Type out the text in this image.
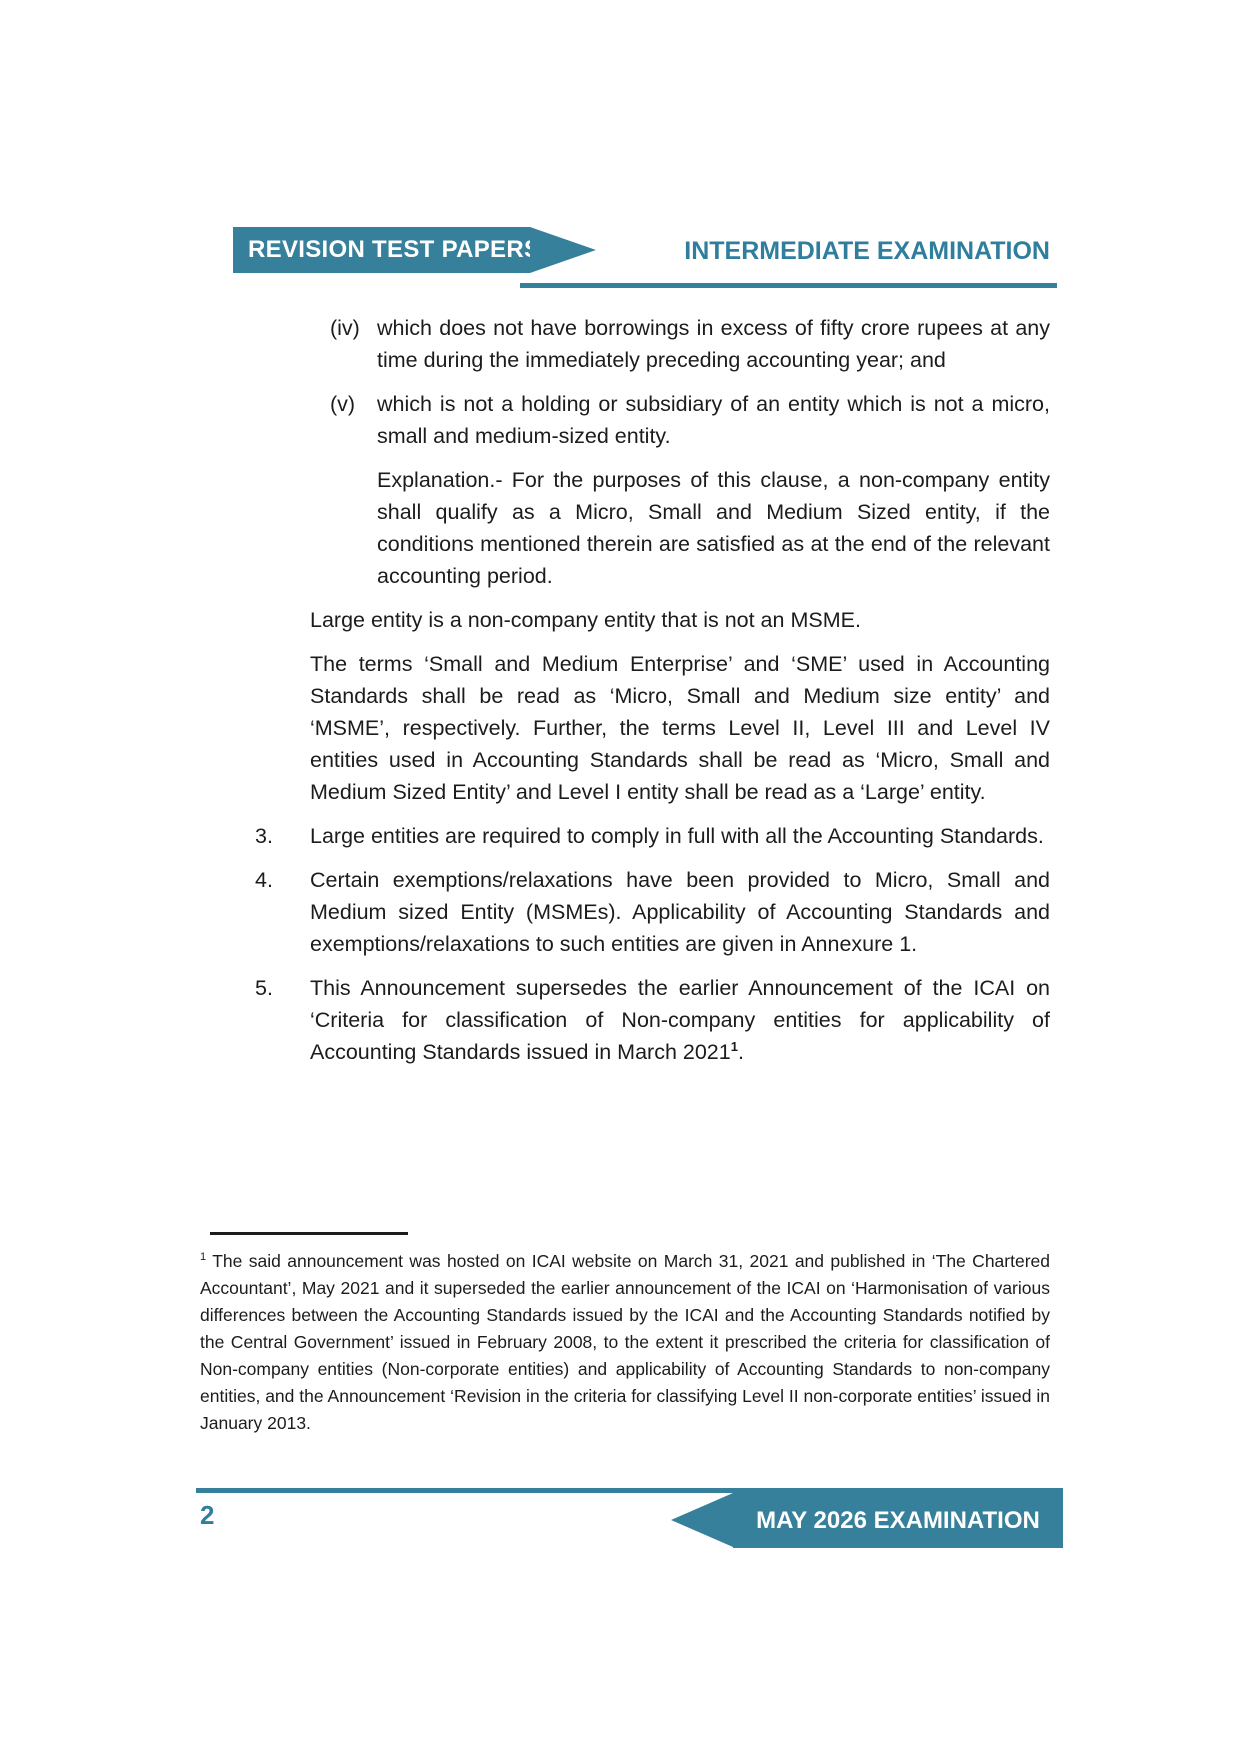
REVISION TEST PAPERS	INTERMEDIATE EXAMINATION
(iv) which does not have borrowings in excess of fifty crore rupees at any time during the immediately preceding accounting year; and
(v) which is not a holding or subsidiary of an entity which is not a micro, small and medium-sized entity.
Explanation.- For the purposes of this clause, a non-company entity shall qualify as a Micro, Small and Medium Sized entity, if the conditions mentioned therein are satisfied as at the end of the relevant accounting period.
Large entity is a non-company entity that is not an MSME.
The terms ‘Small and Medium Enterprise’ and ‘SME’ used in Accounting Standards shall be read as ‘Micro, Small and Medium size entity’ and ‘MSME’, respectively. Further, the terms Level II, Level III and Level IV entities used in Accounting Standards shall be read as ‘Micro, Small and Medium Sized Entity’ and Level I entity shall be read as a ‘Large’ entity.
3. Large entities are required to comply in full with all the Accounting Standards.
4. Certain exemptions/relaxations have been provided to Micro, Small and Medium sized Entity (MSMEs). Applicability of Accounting Standards and exemptions/relaxations to such entities are given in Annexure 1.
5. This Announcement supersedes the earlier Announcement of the ICAI on ‘Criteria for classification of Non-company entities for applicability of Accounting Standards issued in March 2021$^1$.
$^1$ The said announcement was hosted on ICAI website on March 31, 2021 and published in ‘The Chartered Accountant’, May 2021 and it superseded the earlier announcement of the ICAI on ‘Harmonisation of various differences between the Accounting Standards issued by the ICAI and the Accounting Standards notified by the Central Government’ issued in February 2008, to the extent it prescribed the criteria for classification of Non-company entities (Non-corporate entities) and applicability of Accounting Standards to non-company entities, and the Announcement ‘Revision in the criteria for classifying Level II non-corporate entities’ issued in January 2013.
MAY 2026 EXAMINATION
2
